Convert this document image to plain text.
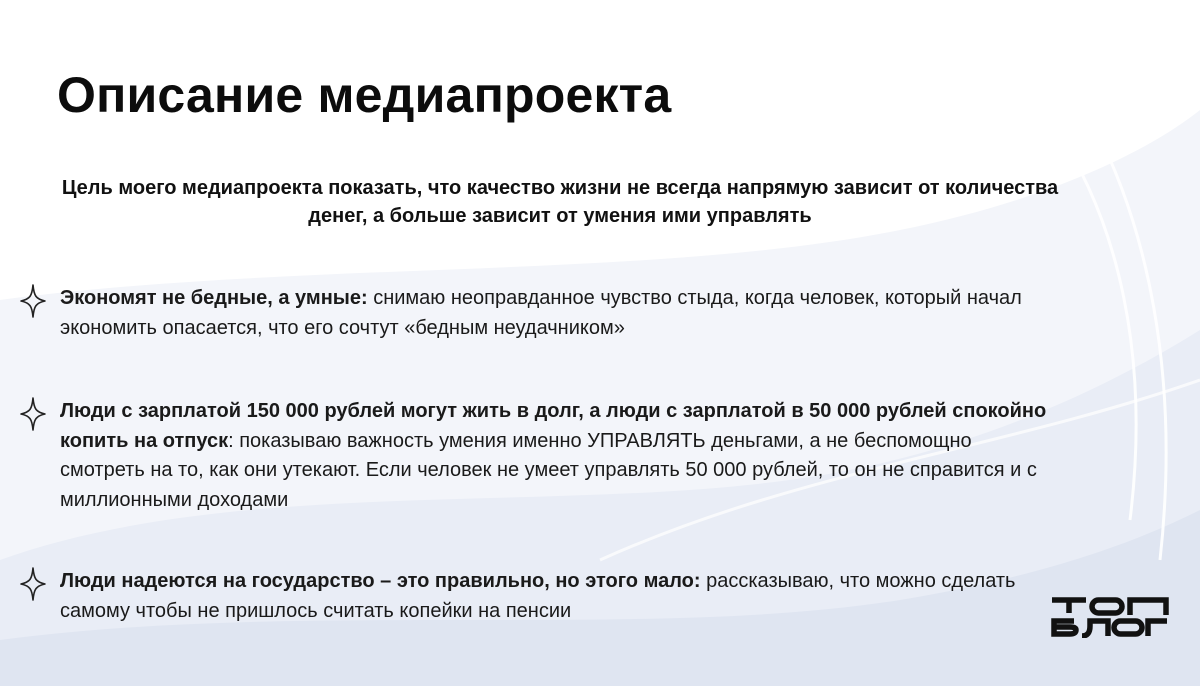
Описание медиапроекта
Цель моего медиапроекта показать, что качество жизни не всегда напрямую зависит от количества денег, а больше зависит от умения ими управлять
Экономят не бедные, а умные: снимаю неоправданное чувство стыда, когда человек, который начал экономить опасается, что его сочтут «бедным неудачником»
Люди с зарплатой 150 000 рублей могут жить в долг, а люди с зарплатой в 50 000 рублей спокойно копить на отпуск: показываю важность умения именно УПРАВЛЯТЬ деньгами, а не беспомощно смотреть на то, как они утекают. Если человек не умеет управлять 50 000 рублей, то он не справится и с миллионными доходами
Люди надеются на государство – это правильно, но этого мало: рассказываю, что можно сделать самому чтобы не пришлось считать копейки на пенсии
